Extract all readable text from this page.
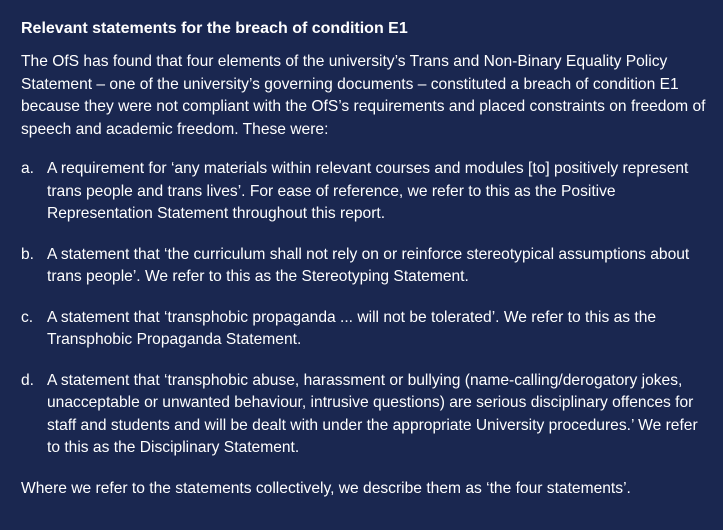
Relevant statements for the breach of condition E1

The OfS has found that four elements of the university’s Trans and Non-Binary Equality Policy Statement – one of the university’s governing documents – constituted a breach of condition E1 because they were not compliant with the OfS’s requirements and placed constraints on freedom of speech and academic freedom. These were:

a. A requirement for ‘any materials within relevant courses and modules [to] positively represent trans people and trans lives’. For ease of reference, we refer to this as the Positive Representation Statement throughout this report.
b. A statement that ‘the curriculum shall not rely on or reinforce stereotypical assumptions about trans people’. We refer to this as the Stereotyping Statement.
c. A statement that ‘transphobic propaganda ... will not be tolerated’. We refer to this as the Transphobic Propaganda Statement.
d. A statement that ‘transphobic abuse, harassment or bullying (name-calling/derogatory jokes, unacceptable or unwanted behaviour, intrusive questions) are serious disciplinary offences for staff and students and will be dealt with under the appropriate University procedures.’ We refer to this as the Disciplinary Statement.

Where we refer to the statements collectively, we describe them as ‘the four statements’.
